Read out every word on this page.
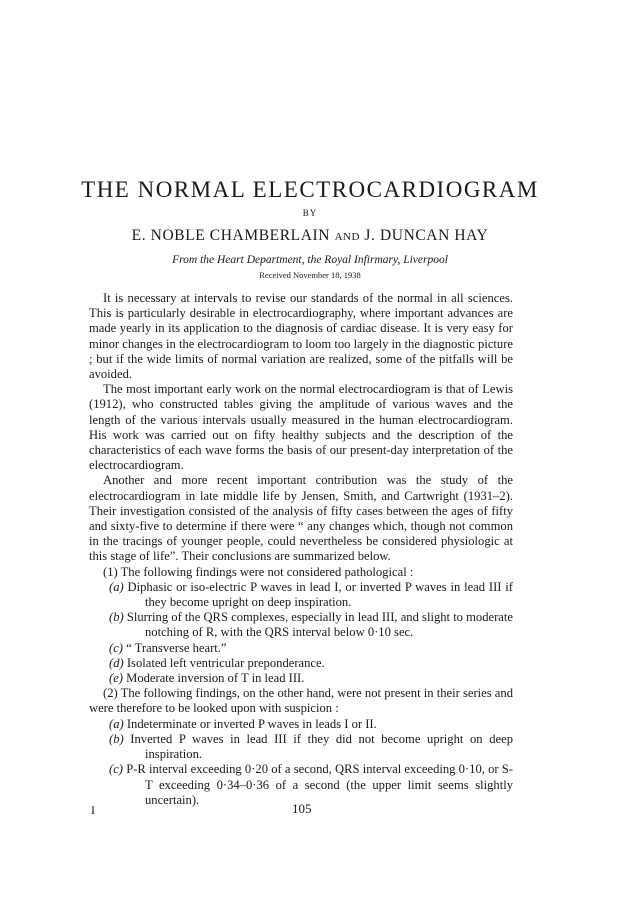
THE NORMAL ELECTROCARDIOGRAM
BY
E. NOBLE CHAMBERLAIN AND J. DUNCAN HAY
From the Heart Department, the Royal Infirmary, Liverpool
Received November 18, 1938

It is necessary at intervals to revise our standards of the normal in all sciences. This is particularly desirable in electrocardiography, where important advances are made yearly in its application to the diagnosis of cardiac disease. It is very easy for minor changes in the electrocardiogram to loom too largely in the diagnostic picture ; but if the wide limits of normal variation are realized, some of the pitfalls will be avoided.

The most important early work on the normal electrocardiogram is that of Lewis (1912), who constructed tables giving the amplitude of various waves and the length of the various intervals usually measured in the human electrocardiogram. His work was carried out on fifty healthy subjects and the description of the characteristics of each wave forms the basis of our present-day interpretation of the electrocardiogram.

Another and more recent important contribution was the study of the electrocardiogram in late middle life by Jensen, Smith, and Cartwright (1931–2). Their investigation consisted of the analysis of fifty cases between the ages of fifty and sixty-five to determine if there were “ any changes which, though not common in the tracings of younger people, could nevertheless be considered physiologic at this stage of life”. Their conclusions are summarized below.

(1) The following findings were not considered pathological :
(a) Diphasic or iso-electric P waves in lead I, or inverted P waves in lead III if they become upright on deep inspiration.
(b) Slurring of the QRS complexes, especially in lead III, and slight to moderate notching of R, with the QRS interval below 0·10 sec.
(c) “ Transverse heart.”
(d) Isolated left ventricular preponderance.
(e) Moderate inversion of T in lead III.

(2) The following findings, on the other hand, were not present in their series and were therefore to be looked upon with suspicion :

(a) Indeterminate or inverted P waves in leads I or II.
(b) Inverted P waves in lead III if they did not become upright on deep inspiration.
(c) P-R interval exceeding 0·20 of a second, QRS interval exceeding 0·10, or S-T exceeding 0·34–0·36 of a second (the upper limit seems slightly uncertain).
I	105
